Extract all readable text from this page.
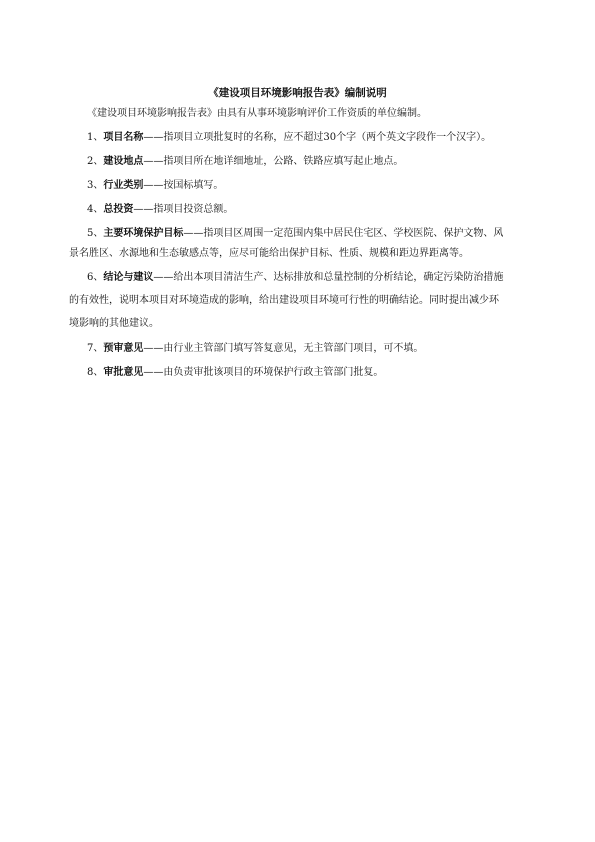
《建设项目环境影响报告表》编制说明
《建设项目环境影响报告表》由具有从事环境影响评价工作资质的单位编制。
1、项目名称——指项目立项批复时的名称，应不超过30个字（两个英文字段作一个汉字）。
2、建设地点——指项目所在地详细地址，公路、铁路应填写起止地点。
3、行业类别——按国标填写。
4、总投资——指项目投资总额。
5、主要环境保护目标——指项目区周围一定范围内集中居民住宅区、学校医院、保护文物、风
景名胜区、水源地和生态敏感点等，应尽可能给出保护目标、性质、规模和距边界距离等。
6、结论与建议——给出本项目清洁生产、达标排放和总量控制的分析结论，确定污染防治措施
的有效性，说明本项目对环境造成的影响，给出建设项目环境可行性的明确结论。同时提出减少环
境影响的其他建议。
7、预审意见——由行业主管部门填写答复意见，无主管部门项目，可不填。
8、审批意见——由负责审批该项目的环境保护行政主管部门批复。
